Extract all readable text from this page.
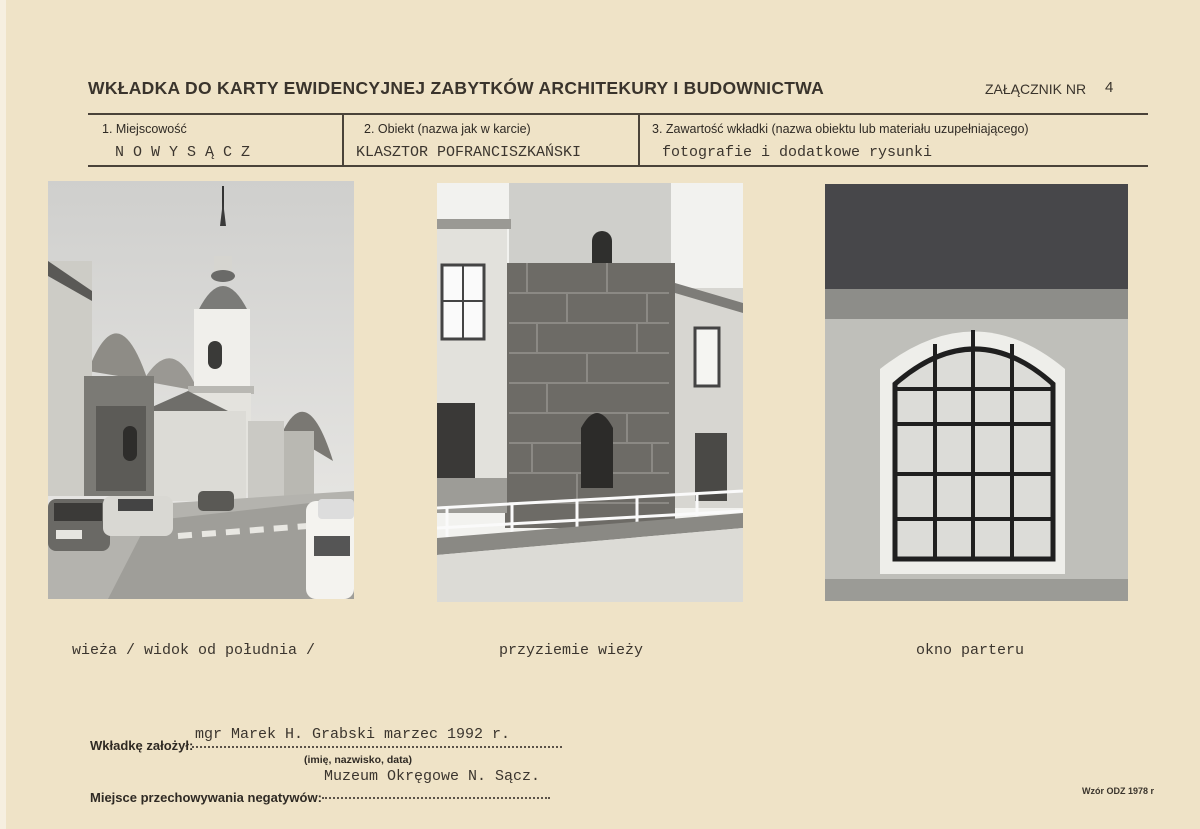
WKŁADKA DO KARTY EWIDENCYJNEJ ZABYTKÓW ARCHITEKURY I BUDOWNICTWA	ZAŁĄCZNIK NR 4
1. Miejscowość
N O W Y S Ą C Z
2. Obiekt (nazwa jak w karcie)
KLASZTOR POFRANCISZKAŃSKI
3. Zawartość wkładki (nazwa obiektu lub materiału uzupełniającego)
fotografie i dodatkowe rysunki
wieża / widok od południa /	przyziemie wieży	okno parteru
Wkładkę założył:
mgr Marek H. Grabski marzec 1992 r.
(imię, nazwisko, data)
Muzeum Okręgowe N. Sącz.
Miejsce przechowywania negatywów:	Wzór ODZ 1978 r
